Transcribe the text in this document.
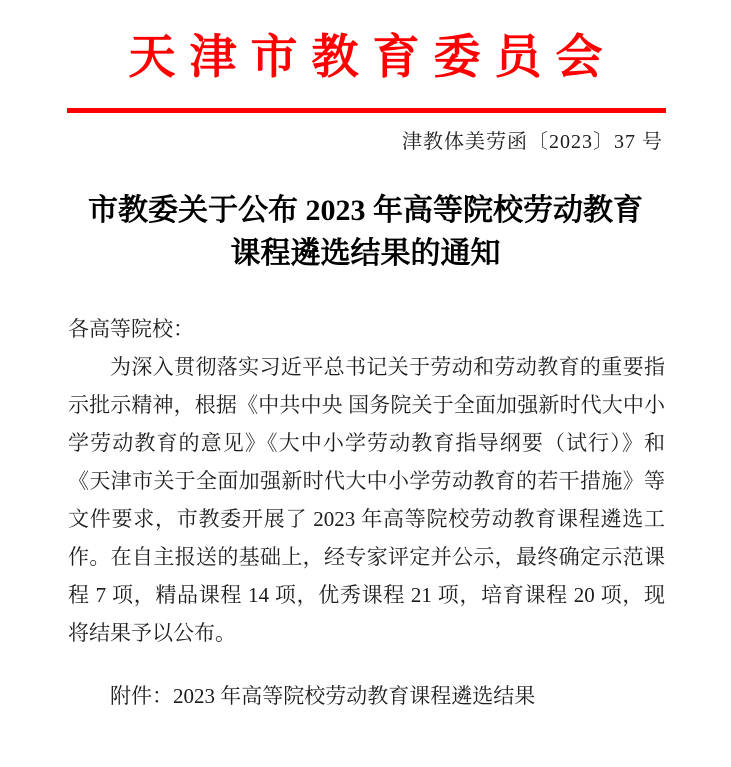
天津市教育委员会
津教体美劳函〔2023〕37 号
市教委关于公布 2023 年高等院校劳动教育
课程遴选结果的通知

各高等院校：

为深入贯彻落实习近平总书记关于劳动和劳动教育的重要指示批示精神，根据《中共中央 国务院关于全面加强新时代大中小学劳动教育的意见》《大中小学劳动教育指导纲要（试行）》和《天津市关于全面加强新时代大中小学劳动教育的若干措施》等文件要求，市教委开展了 2023 年高等院校劳动教育课程遴选工作。在自主报送的基础上，经专家评定并公示，最终确定示范课程 7 项，精品课程 14 项，优秀课程 21 项，培育课程 20 项，现将结果予以公布。

附件：2023 年高等院校劳动教育课程遴选结果
